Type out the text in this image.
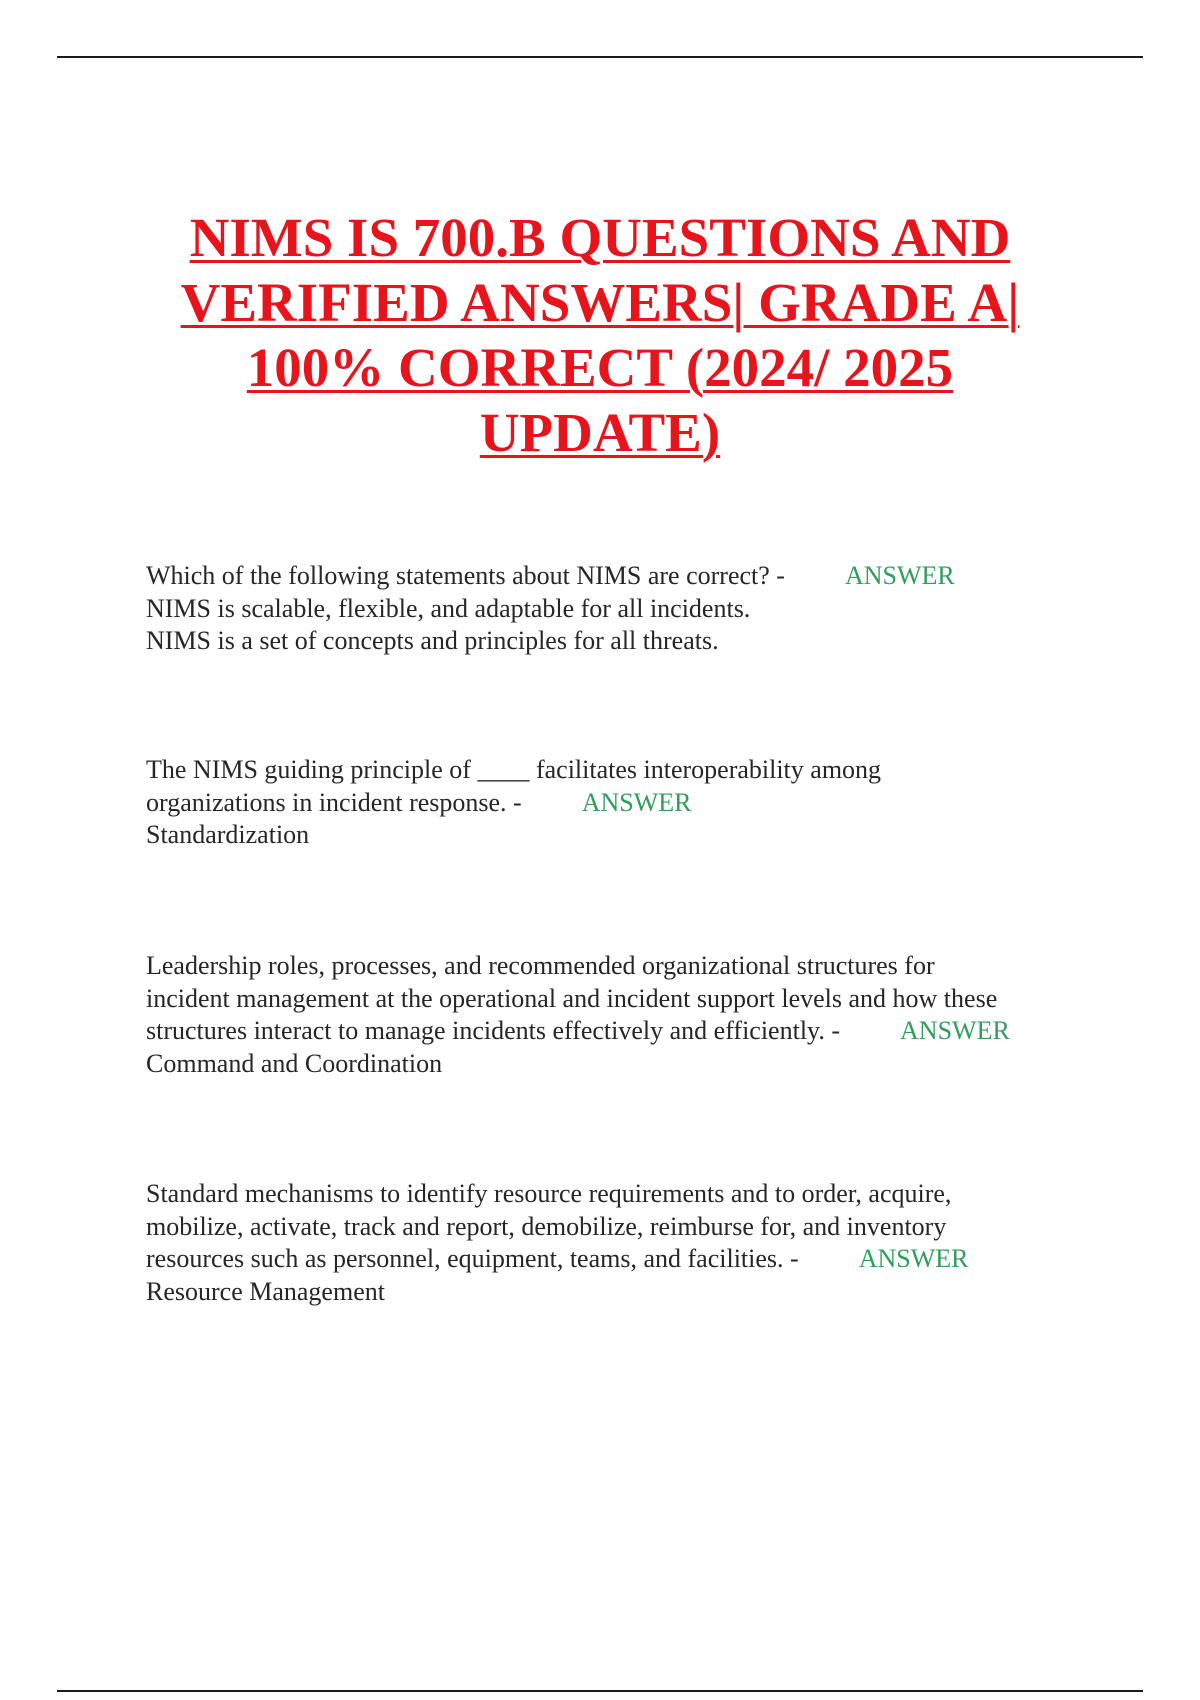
NIMS IS 700.B QUESTIONS AND
VERIFIED ANSWERS| GRADE A|
100% CORRECT (2024/ 2025
UPDATE)
Which of the following statements about NIMS are correct? - ANSWER
NIMS is scalable, flexible, and adaptable for all incidents.
NIMS is a set of concepts and principles for all threats.
The NIMS guiding principle of ____ facilitates interoperability among
organizations in incident response. - ANSWER
Standardization
Leadership roles, processes, and recommended organizational structures for
incident management at the operational and incident support levels and how these
structures interact to manage incidents effectively and efficiently. - ANSWER
Command and Coordination
Standard mechanisms to identify resource requirements and to order, acquire,
mobilize, activate, track and report, demobilize, reimburse for, and inventory
resources such as personnel, equipment, teams, and facilities. - ANSWER
Resource Management
